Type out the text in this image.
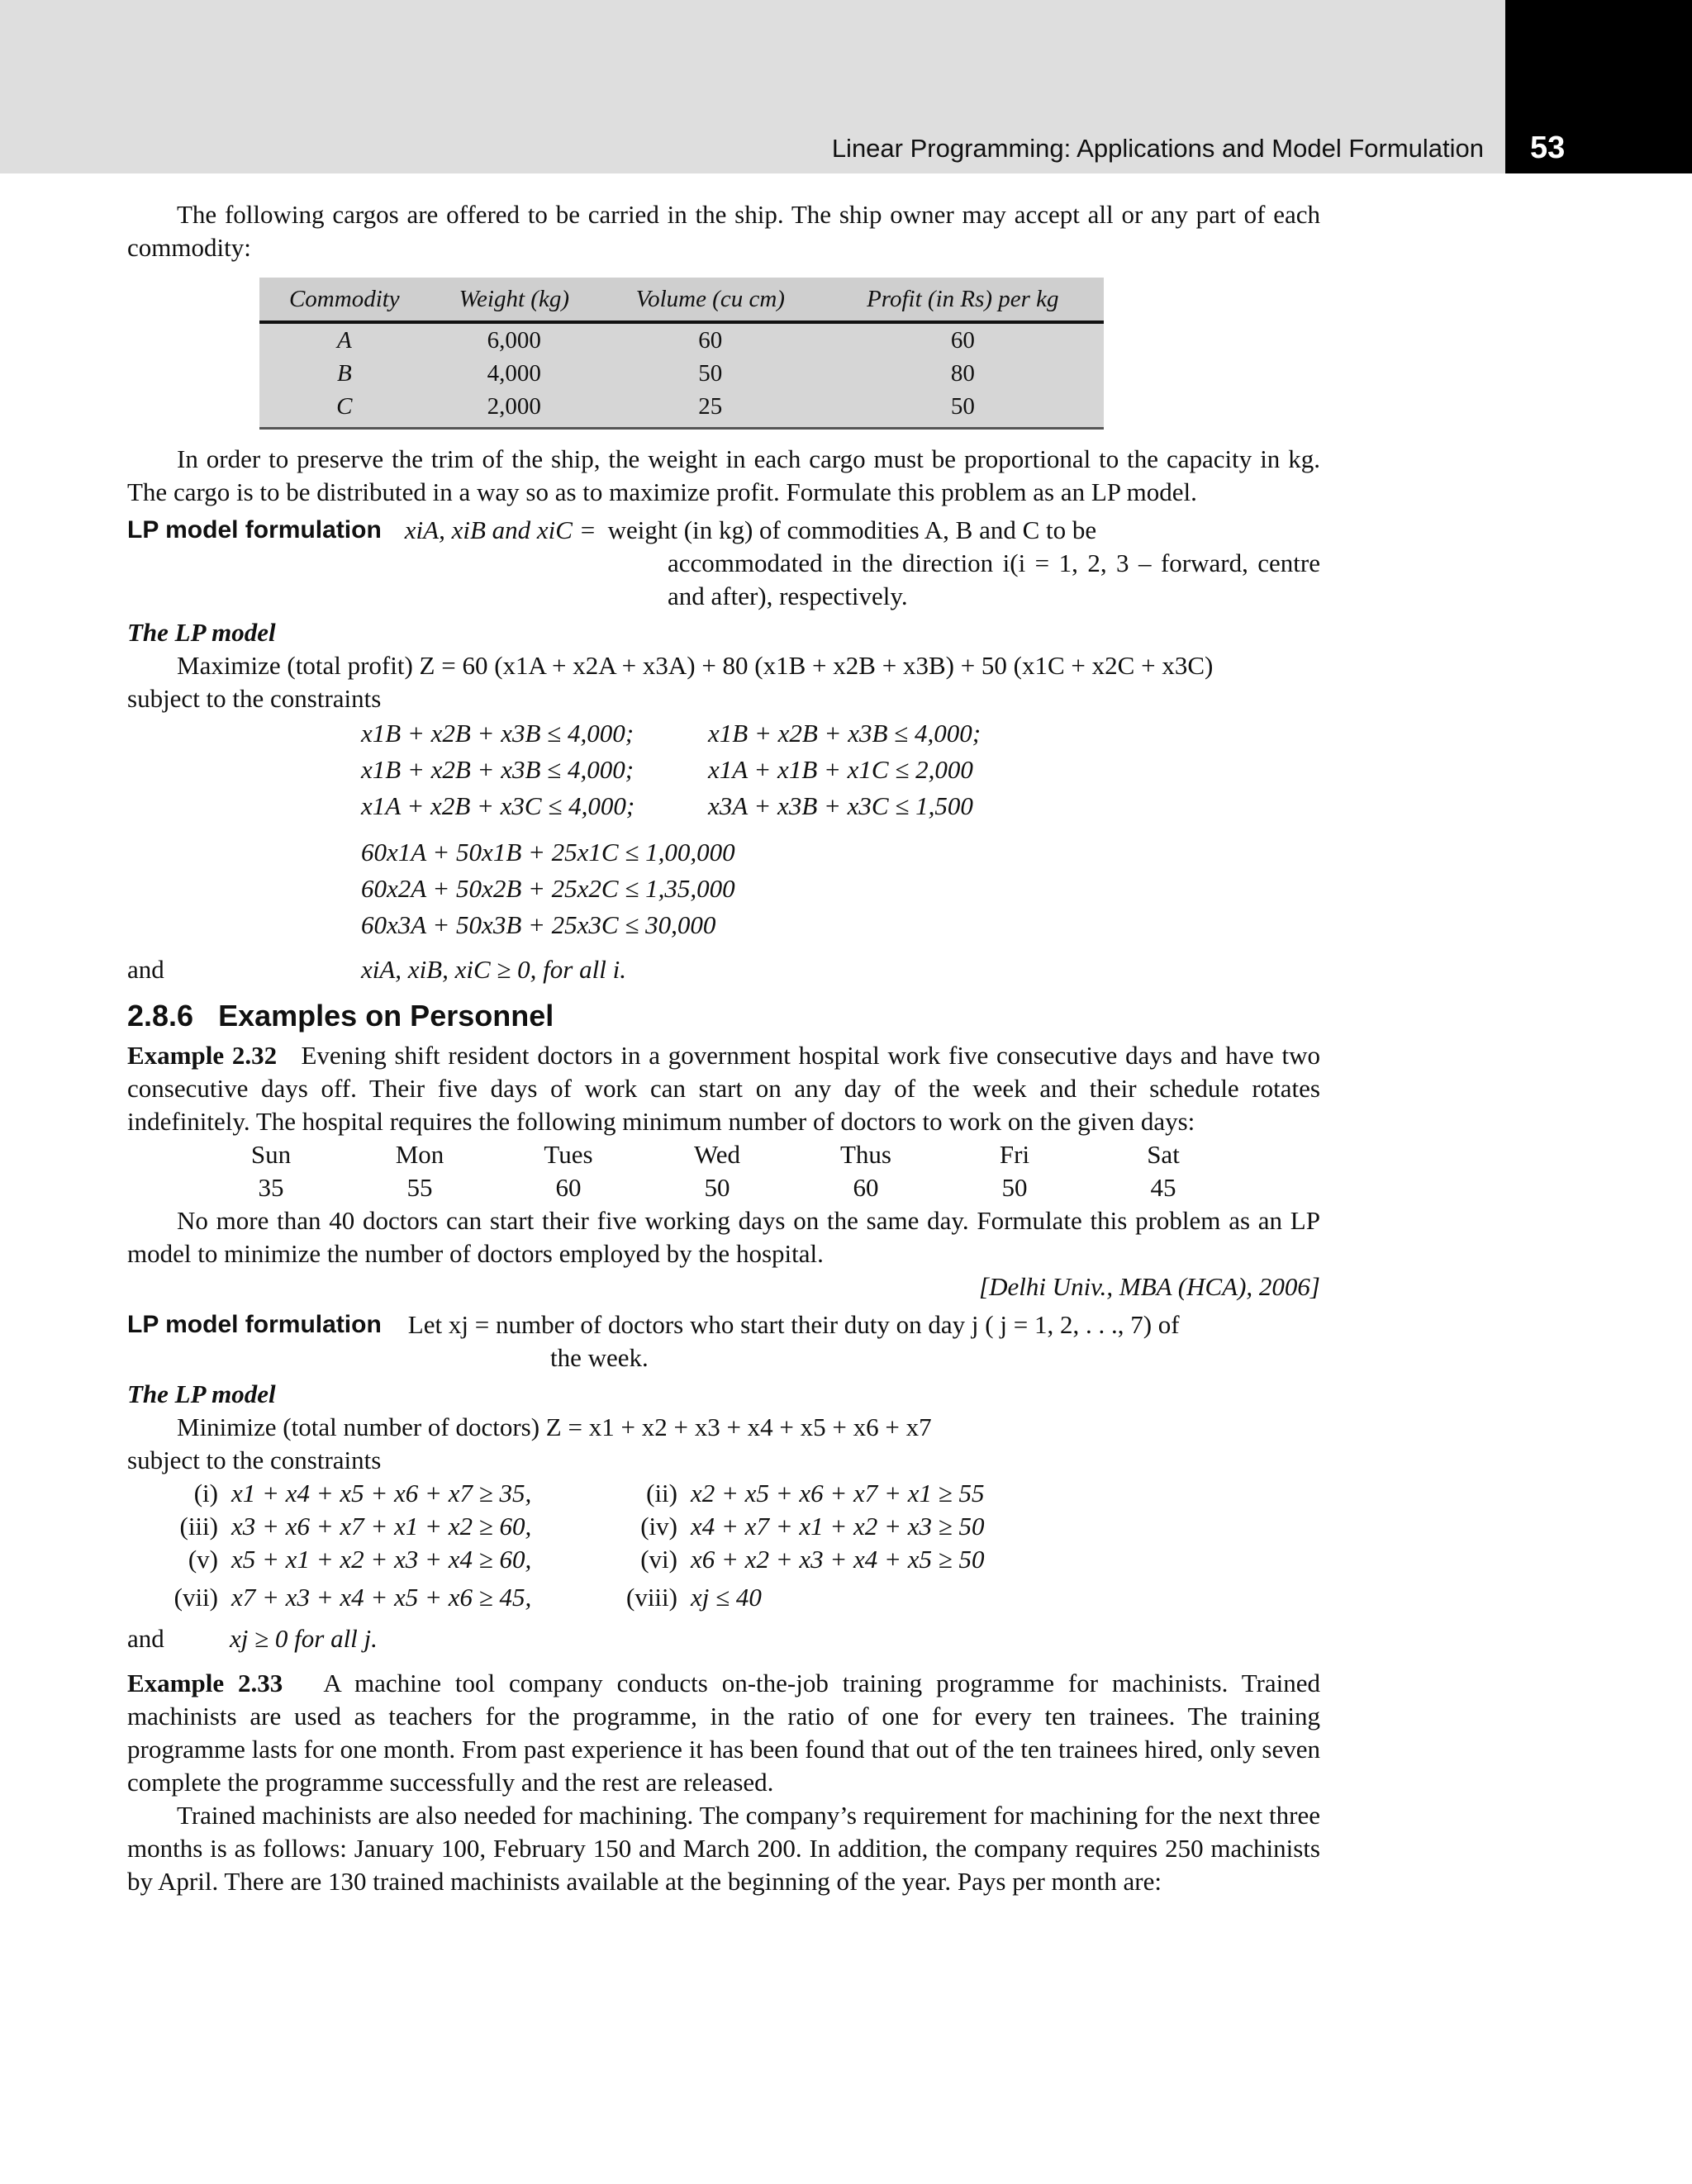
Linear Programming: Applications and Model Formulation 53

The following cargos are offered to be carried in the ship. The ship owner may accept all or any part of each commodity:

Commodity	Weight (kg)	Volume (cu cm)	Profit (in Rs) per kg
A	6,000	60	60
B	4,000	50	80
C	2,000	25	50

In order to preserve the trim of the ship, the weight in each cargo must be proportional to the capacity in kg. The cargo is to be distributed in a way so as to maximize profit. Formulate this problem as an LP model.

LP model formulation xiA, xiB and xiC = weight (in kg) of commodities A, B and C to be

accommodated in the direction i(i = 1, 2, 3 – forward, centre and after), respectively.

The LP model

Maximize (total profit) Z = 60 (x1A + x2A + x3A) + 80 (x1B + x2B + x3B) + 50 (x1C + x2C + x3C)

subject to the constraints

x1B + x2B + x3B ≤ 4,000;	x1B + x2B + x3B ≤ 4,000;
x1B + x2B + x3B ≤ 4,000;	x1A + x1B + x1C ≤ 2,000
x1A + x2B + x3C ≤ 4,000;	x3A + x3B + x3C ≤ 1,500
60x1A + 50x1B + 25x1C ≤ 1,00,000
60x2A + 50x2B + 25x2C ≤ 1,35,000
60x3A + 50x3B + 25x3C ≤ 30,000
and	xiA, xiB, xiC ≥ 0, for all i.
2.8.6 Examples on Personnel

Example 2.32 Evening shift resident doctors in a government hospital work five consecutive days and have two consecutive days off. Their five days of work can start on any day of the week and their schedule rotates indefinitely. The hospital requires the following minimum number of doctors to work on the given days:

Sun	Mon	Tues	Wed	Thus	Fri	Sat
35	55	60	50	60	50	45

No more than 40 doctors can start their five working days on the same day. Formulate this problem as an LP model to minimize the number of doctors employed by the hospital.

[Delhi Univ., MBA (HCA), 2006]

LP model formulation Let xj = number of doctors who start their duty on day j ( j = 1, 2, . . ., 7) of

the week.

The LP model

Minimize (total number of doctors) Z = x1 + x2 + x3 + x4 + x5 + x6 + x7

subject to the constraints

(i) x1 + x4 + x5 + x6 + x7 ≥ 35,	(ii) x2 + x5 + x6 + x7 + x1 ≥ 55
(iii) x3 + x6 + x7 + x1 + x2 ≥ 60,	(iv) x4 + x7 + x1 + x2 + x3 ≥ 50
(v) x5 + x1 + x2 + x3 + x4 ≥ 60,	(vi) x6 + x2 + x3 + x4 + x5 ≥ 50
(vii) x7 + x3 + x4 + x5 + x6 ≥ 45,	(viii) xj ≤ 40
and	xj ≥ 0 for all j.

Example 2.33 A machine tool company conducts on-the-job training programme for machinists. Trained machinists are used as teachers for the programme, in the ratio of one for every ten trainees. The training programme lasts for one month. From past experience it has been found that out of the ten trainees hired, only seven complete the programme successfully and the rest are released.

Trained machinists are also needed for machining. The company’s requirement for machining for the next three months is as follows: January 100, February 150 and March 200. In addition, the company requires 250 machinists by April. There are 130 trained machinists available at the beginning of the year. Pays per month are:
